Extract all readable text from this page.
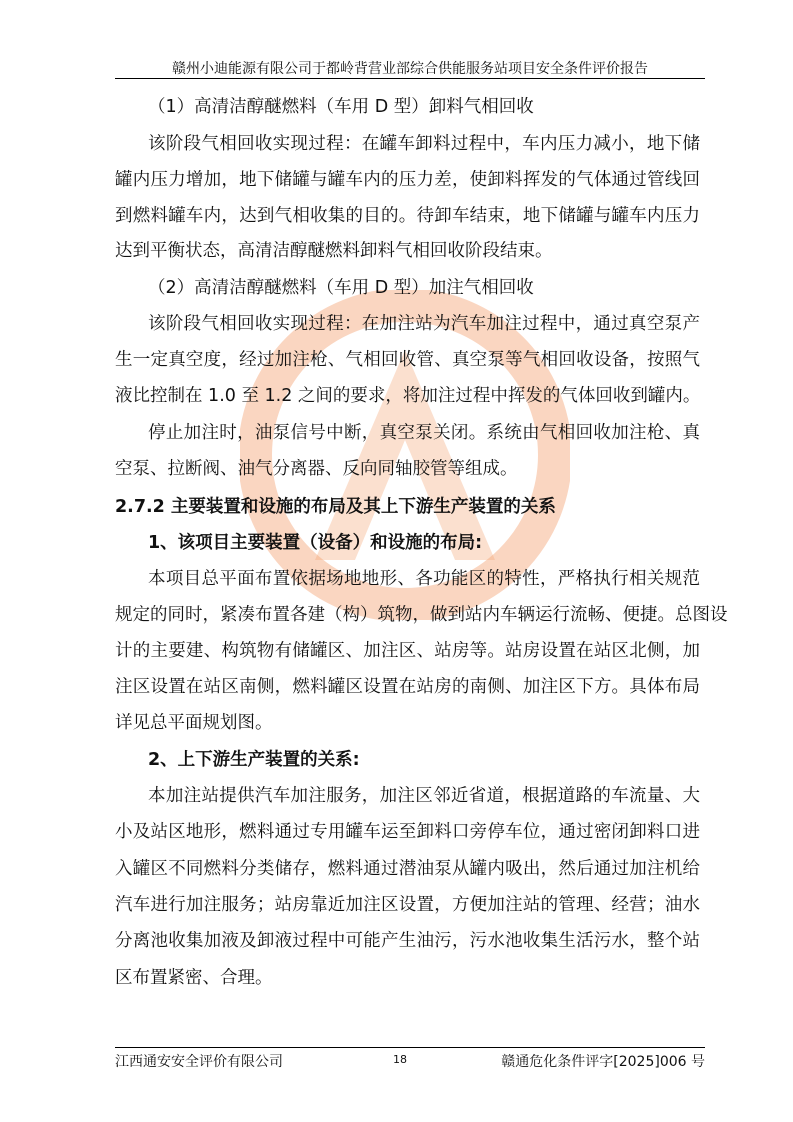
赣州小迪能源有限公司于都岭背营业部综合供能服务站项目安全条件评价报告
（1）高清洁醇醚燃料（车用 D 型）卸料气相回收
该阶段气相回收实现过程：在罐车卸料过程中，车内压力减小，地下储
罐内压力增加，地下储罐与罐车内的压力差，使卸料挥发的气体通过管线回
到燃料罐车内，达到气相收集的目的。待卸车结束，地下储罐与罐车内压力
达到平衡状态，高清洁醇醚燃料卸料气相回收阶段结束。
（2）高清洁醇醚燃料（车用 D 型）加注气相回收
该阶段气相回收实现过程：在加注站为汽车加注过程中，通过真空泵产
生一定真空度，经过加注枪、气相回收管、真空泵等气相回收设备，按照气
液比控制在 1.0 至 1.2 之间的要求，将加注过程中挥发的气体回收到罐内。
停止加注时，油泵信号中断，真空泵关闭。系统由气相回收加注枪、真
空泵、拉断阀、油气分离器、反向同轴胶管等组成。
2.7.2 主要装置和设施的布局及其上下游生产装置的关系
1、该项目主要装置（设备）和设施的布局:
本项目总平面布置依据场地地形、各功能区的特性，严格执行相关规范
规定的同时，紧凑布置各建（构）筑物，做到站内车辆运行流畅、便捷。总图设
计的主要建、构筑物有储罐区、加注区、站房等。站房设置在站区北侧，加
注区设置在站区南侧，燃料罐区设置在站房的南侧、加注区下方。具体布局
详见总平面规划图。
2、上下游生产装置的关系:
本加注站提供汽车加注服务，加注区邻近省道，根据道路的车流量、大
小及站区地形，燃料通过专用罐车运至卸料口旁停车位，通过密闭卸料口进
入罐区不同燃料分类储存，燃料通过潜油泵从罐内吸出，然后通过加注机给
汽车进行加注服务；站房靠近加注区设置，方便加注站的管理、经营；油水
分离池收集加液及卸液过程中可能产生油污，污水池收集生活污水，整个站
区布置紧密、合理。
江西通安安全评价有限公司	18	赣通危化条件评字[2025]006 号
